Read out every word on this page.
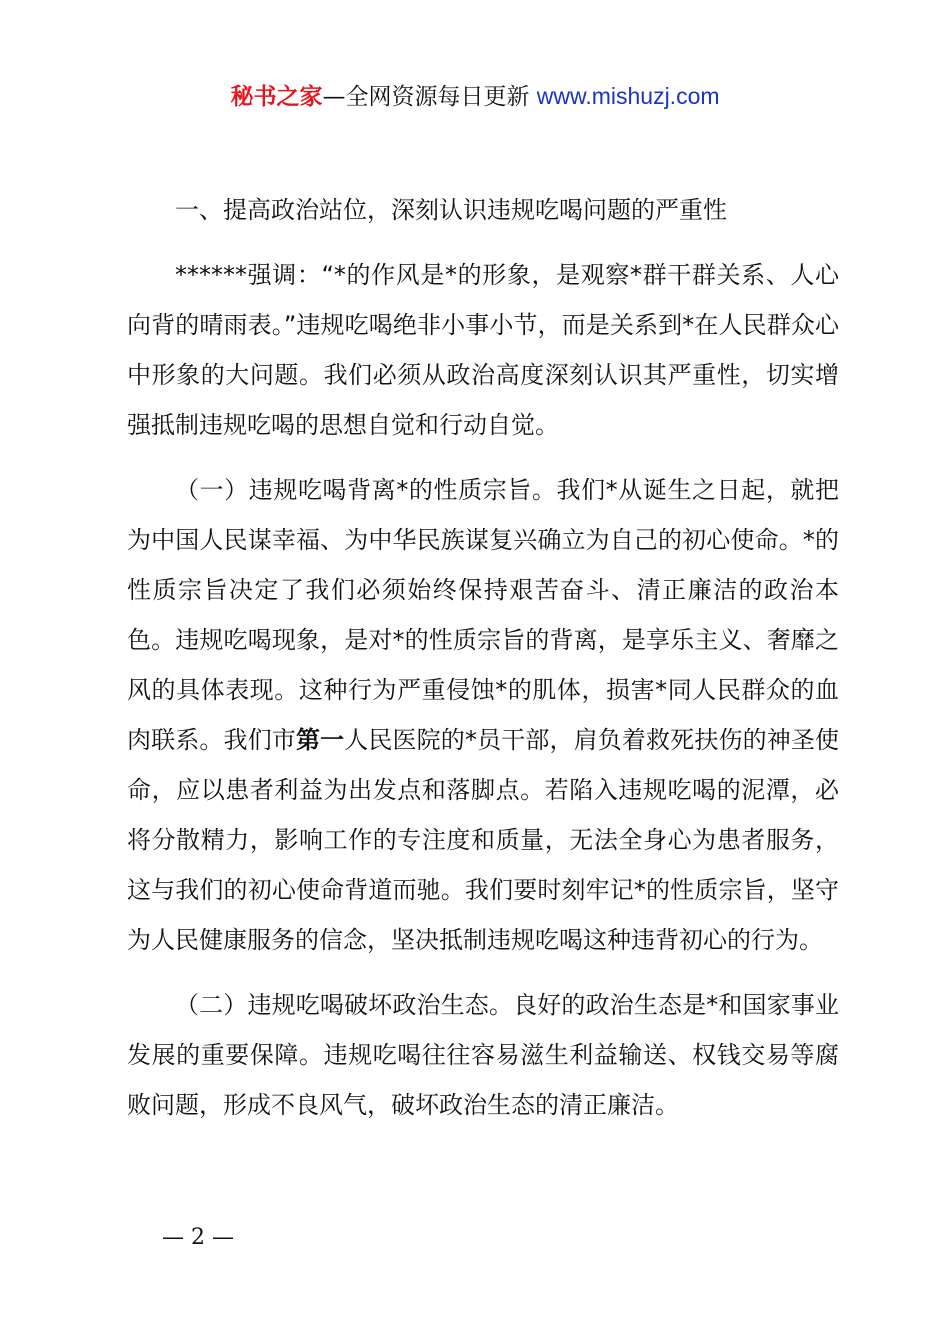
秘书之家—全网资源每日更新 www.mishuzj.com

一、提高政治站位，深刻认识违规吃喝问题的严重性

******强调：“*的作风是*的形象，是观察*群干群关系、人心向背的晴雨表。”违规吃喝绝非小事小节，而是关系到*在人民群众心中形象的大问题。我们必须从政治高度深刻认识其严重性，切实增强抵制违规吃喝的思想自觉和行动自觉。

（一）违规吃喝背离*的性质宗旨。我们*从诞生之日起，就把为中国人民谋幸福、为中华民族谋复兴确立为自己的初心使命。*的性质宗旨决定了我们必须始终保持艰苦奋斗、清正廉洁的政治本色。违规吃喝现象，是对*的性质宗旨的背离，是享乐主义、奢靡之风的具体表现。这种行为严重侵蚀*的肌体，损害*同人民群众的血肉联系。我们市第一人民医院的*员干部，肩负着救死扶伤的神圣使命，应以患者利益为出发点和落脚点。若陷入违规吃喝的泥潭，必将分散精力，影响工作的专注度和质量，无法全身心为患者服务，这与我们的初心使命背道而驰。我们要时刻牢记*的性质宗旨，坚守为人民健康服务的信念，坚决抵制违规吃喝这种违背初心的行为。

（二）违规吃喝破坏政治生态。良好的政治生态是*和国家事业发展的重要保障。违规吃喝往往容易滋生利益输送、权钱交易等腐败问题，形成不良风气，破坏政治生态的清正廉洁。

— 2 —
